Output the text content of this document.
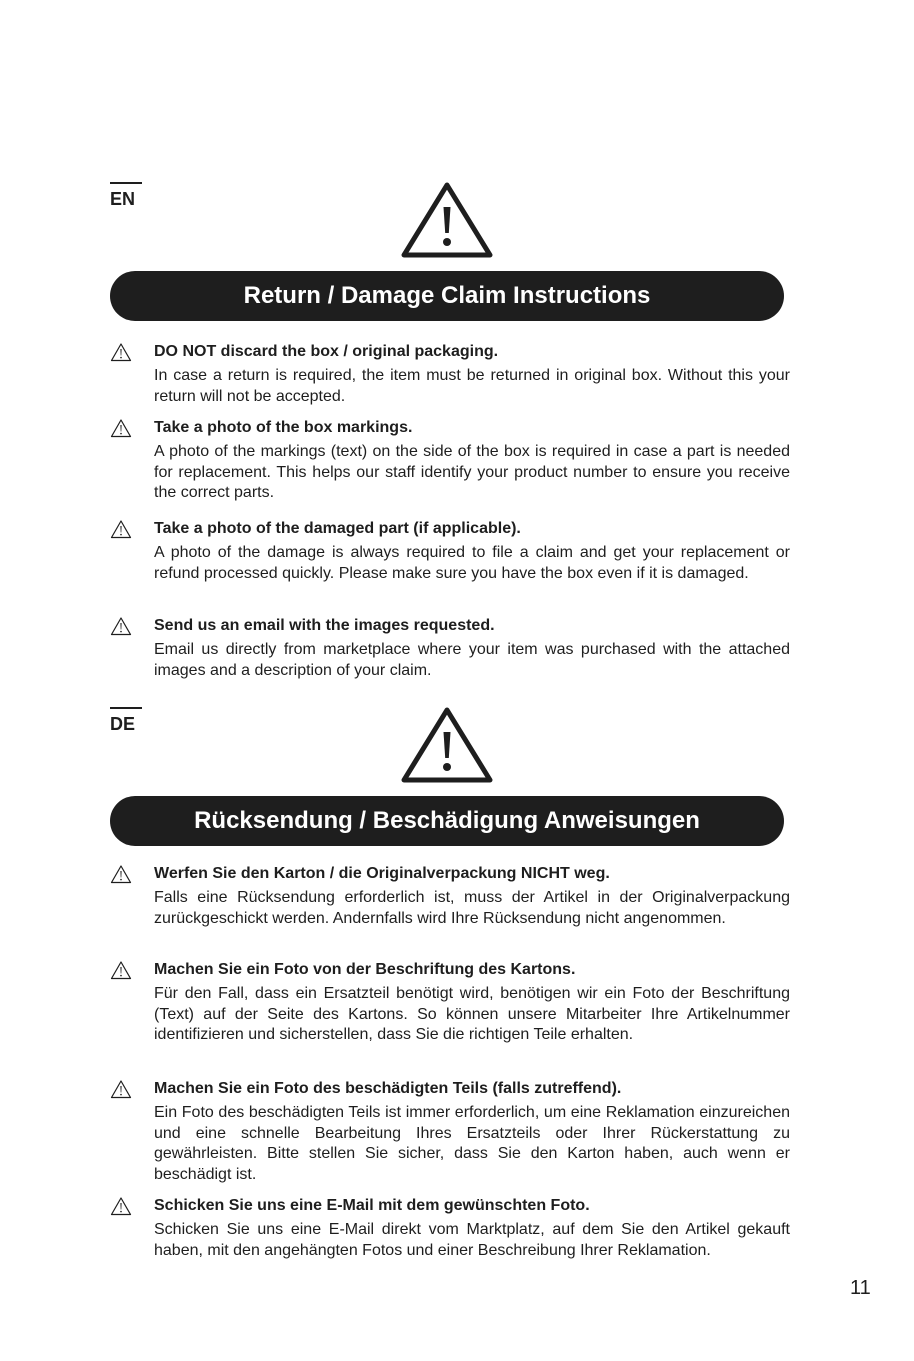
EN
Return / Damage Claim Instructions
DO NOT discard the box / original packaging.
In case a return is required, the item must be returned in original box. Without this your return will not be accepted.
Take a photo of the box markings.
A photo of the markings (text) on the side of the box is required in case a part is needed for replacement. This helps our staff identify your product number to ensure you receive the correct parts.
Take a photo of the damaged part (if applicable).
A photo of the damage is always required to file a claim and get your replacement or refund processed quickly. Please make sure you have the box even if it is damaged.
Send us an email with the images requested.
Email us directly from marketplace where your item was purchased with the attached images and a description of your claim.
DE
Rücksendung / Beschädigung Anweisungen
Werfen Sie den Karton / die Originalverpackung NICHT weg.
Falls eine Rücksendung erforderlich ist, muss der Artikel in der Originalverpackung zurückgeschickt werden. Andernfalls wird Ihre Rücksendung nicht angenommen.
Machen Sie ein Foto von der Beschriftung des Kartons.
Für den Fall, dass ein Ersatzteil benötigt wird, benötigen wir ein Foto der Beschriftung (Text) auf der Seite des Kartons. So können unsere Mitarbeiter Ihre Artikelnummer identifizieren und sicherstellen, dass Sie die richtigen Teile erhalten.
Machen Sie ein Foto des beschädigten Teils (falls zutreffend).
Ein Foto des beschädigten Teils ist immer erforderlich, um eine Reklamation einzureichen und eine schnelle Bearbeitung Ihres Ersatzteils oder Ihrer Rückerstattung zu gewährleisten. Bitte stellen Sie sicher, dass Sie den Karton haben, auch wenn er beschädigt ist.
Schicken Sie uns eine E-Mail mit dem gewünschten Foto.
Schicken Sie uns eine E-Mail direkt vom Marktplatz, auf dem Sie den Artikel gekauft haben, mit den angehängten Fotos und einer Beschreibung Ihrer Reklamation.
11
